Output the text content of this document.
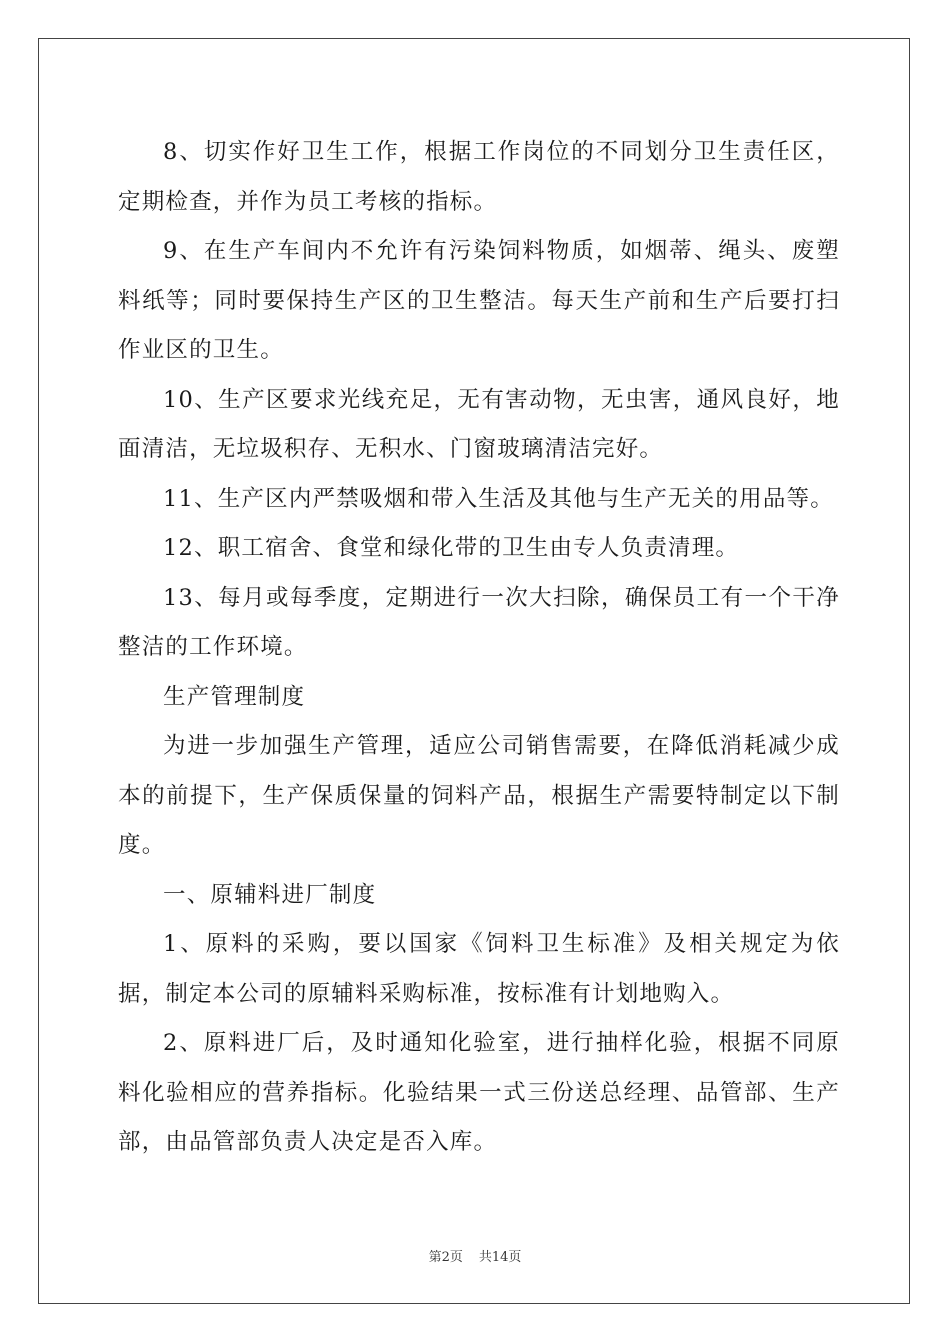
8、切实作好卫生工作，根据工作岗位的不同划分卫生责任区，定期检查，并作为员工考核的指标。

9、在生产车间内不允许有污染饲料物质，如烟蒂、绳头、废塑料纸等；同时要保持生产区的卫生整洁。每天生产前和生产后要打扫作业区的卫生。

10、生产区要求光线充足，无有害动物，无虫害，通风良好，地面清洁，无垃圾积存、无积水、门窗玻璃清洁完好。

11、生产区内严禁吸烟和带入生活及其他与生产无关的用品等。

12、职工宿舍、食堂和绿化带的卫生由专人负责清理。

13、每月或每季度，定期进行一次大扫除，确保员工有一个干净整洁的工作环境。

生产管理制度

为进一步加强生产管理，适应公司销售需要，在降低消耗减少成本的前提下，生产保质保量的饲料产品，根据生产需要特制定以下制度。

一、原辅料进厂制度

1、原料的采购，要以国家《饲料卫生标准》及相关规定为依据，制定本公司的原辅料采购标准，按标准有计划地购入。

2、原料进厂后，及时通知化验室，进行抽样化验，根据不同原料化验相应的营养指标。化验结果一式三份送总经理、品管部、生产部，由品管部负责人决定是否入库。

第2页 共14页
